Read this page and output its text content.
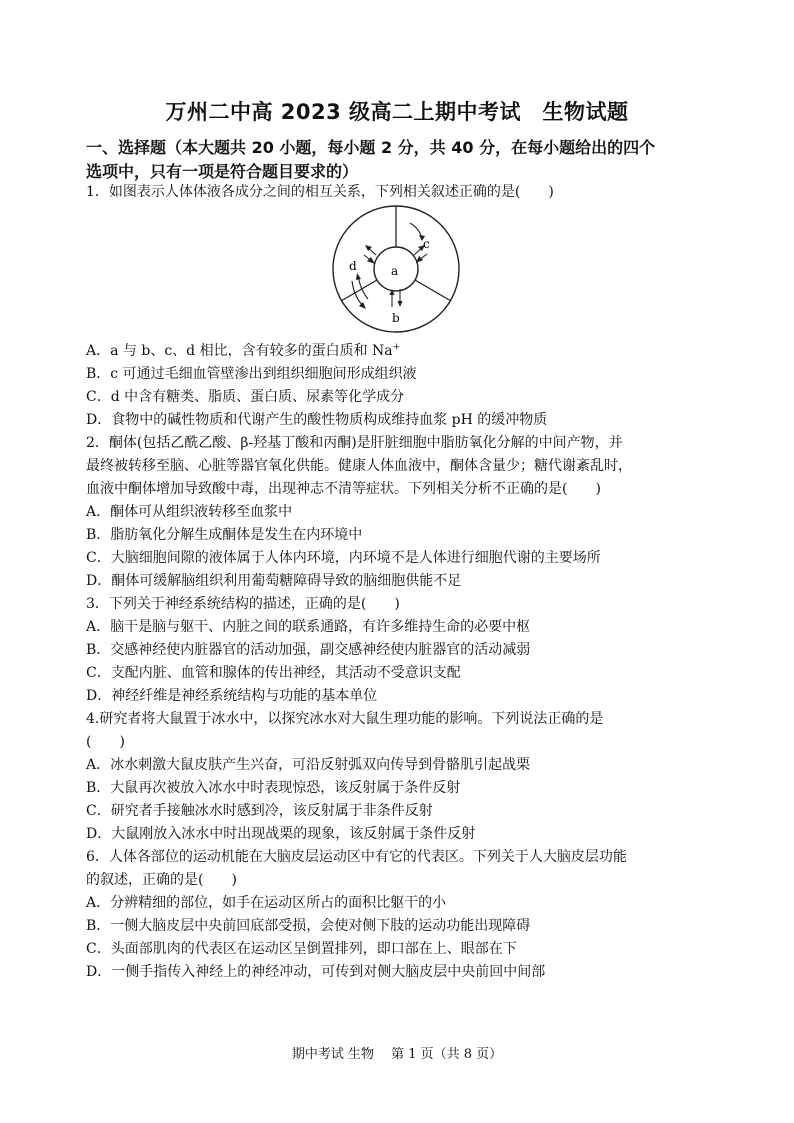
万州二中高 2023 级高二上期中考试　生物试题
一、选择题（本大题共 20 小题，每小题 2 分，共 40 分，在每小题给出的四个
选项中，只有一项是符合题目要求的）
1．如图表示人体体液各成分之间的相互关系，下列相关叙述正确的是(　　)
a
b
c
d
A．a 与 b、c、d 相比，含有较多的蛋白质和 Na+
B．c 可通过毛细血管壁渗出到组织细胞间形成组织液
C．d 中含有糖类、脂质、蛋白质、尿素等化学成分
D．食物中的碱性物质和代谢产生的酸性物质构成维持血浆 pH 的缓冲物质
2．酮体(包括乙酰乙酸、β-羟基丁酸和丙酮)是肝脏细胞中脂肪氧化分解的中间产物，并
最终被转移至脑、心脏等器官氧化供能。健康人体血液中，酮体含量少；糖代谢紊乱时，
血液中酮体增加导致酸中毒，出现神志不清等症状。下列相关分析不正确的是(　　)
A．酮体可从组织液转移至血浆中
B．脂肪氧化分解生成酮体是发生在内环境中
C．大脑细胞间隙的液体属于人体内环境，内环境不是人体进行细胞代谢的主要场所
D．酮体可缓解脑组织利用葡萄糖障碍导致的脑细胞供能不足
3．下列关于神经系统结构的描述，正确的是(　　)
A．脑干是脑与躯干、内脏之间的联系通路，有许多维持生命的必要中枢
B．交感神经使内脏器官的活动加强，副交感神经使内脏器官的活动减弱
C．支配内脏、血管和腺体的传出神经，其活动不受意识支配
D．神经纤维是神经系统结构与功能的基本单位
4.研究者将大鼠置于冰水中，以探究冰水对大鼠生理功能的影响。下列说法正确的是
(　　)
A．冰水刺激大鼠皮肤产生兴奋，可沿反射弧双向传导到骨骼肌引起战栗
B．大鼠再次被放入冰水中时表现惊恐，该反射属于条件反射
C．研究者手接触冰水时感到冷，该反射属于非条件反射
D．大鼠刚放入冰水中时出现战栗的现象，该反射属于条件反射
6．人体各部位的运动机能在大脑皮层运动区中有它的代表区。下列关于人大脑皮层功能
的叙述，正确的是(　　)
A．分辨精细的部位，如手在运动区所占的面积比躯干的小
B．一侧大脑皮层中央前回底部受损，会使对侧下肢的运动功能出现障碍
C．头面部肌肉的代表区在运动区呈倒置排列，即口部在上、眼部在下
D．一侧手指传入神经上的神经冲动，可传到对侧大脑皮层中央前回中间部
期中考试 生物　 第 1 页（共 8 页）
